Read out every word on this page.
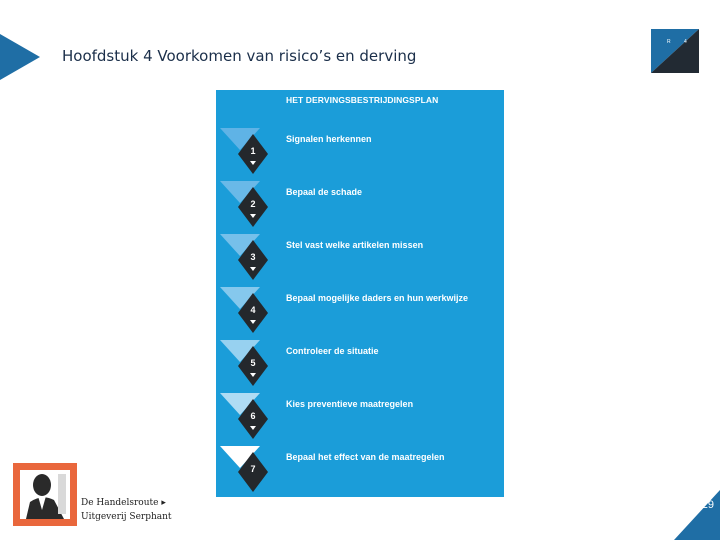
Hoofdstuk 4 Voorkomen van risico’s en derving
R	4
HET DERVINGSBESTRIJDINGSPLAN
1
Signalen herkennen
2
Bepaal de schade
3
Stel vast welke artikelen missen
4
Bepaal mogelijke daders en hun werkwijze
5
Controleer de situatie
6
Kies preventieve maatregelen
7
Bepaal het effect van de maatregelen
De Handelsroute ▸
Uitgeverij Serphant
29
